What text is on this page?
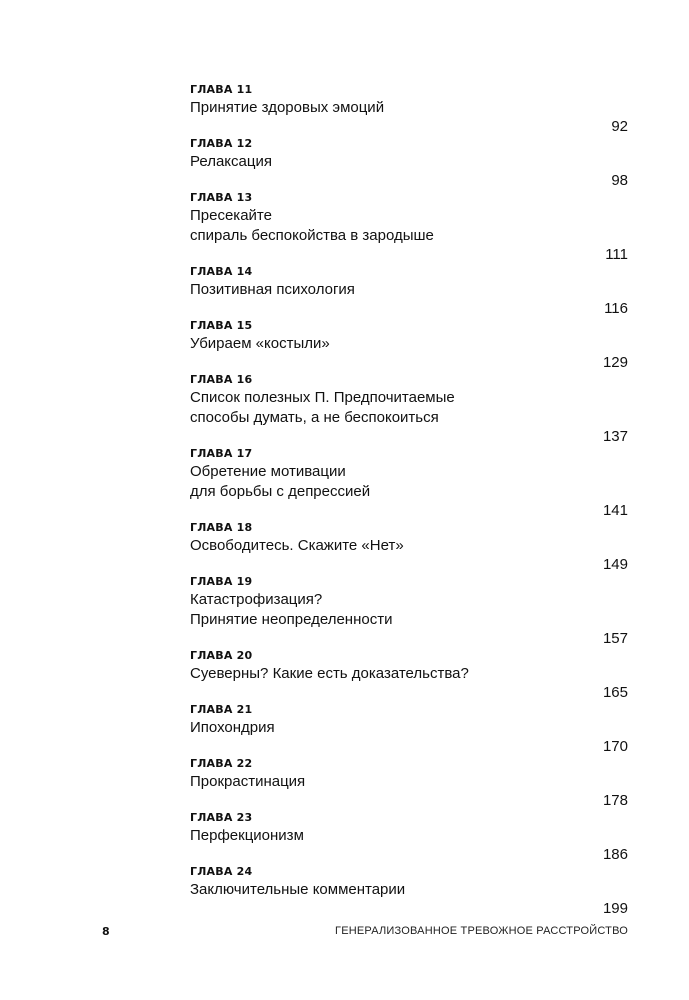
ГЛАВА 11
Принятие здоровых эмоций
92
ГЛАВА 12
Релаксация
98
ГЛАВА 13
Пресекайте
спираль беспокойства в зародыше
111
ГЛАВА 14
Позитивная психология
116
ГЛАВА 15
Убираем «костыли»
129
ГЛАВА 16
Список полезных П. Предпочитаемые
способы думать, а не беспокоиться
137
ГЛАВА 17
Обретение мотивации
для борьбы с депрессией
141
ГЛАВА 18
Освободитесь. Скажите «Нет»
149
ГЛАВА 19
Катастрофизация?
Принятие неопределенности
157
ГЛАВА 20
Суеверны? Какие есть доказательства?
165
ГЛАВА 21
Ипохондрия
170
ГЛАВА 22
Прокрастинация
178
ГЛАВА 23
Перфекционизм
186
ГЛАВА 24
Заключительные комментарии
199
8	ГЕНЕРАЛИЗОВАННОЕ ТРЕВОЖНОЕ РАССТРОЙСТВО
